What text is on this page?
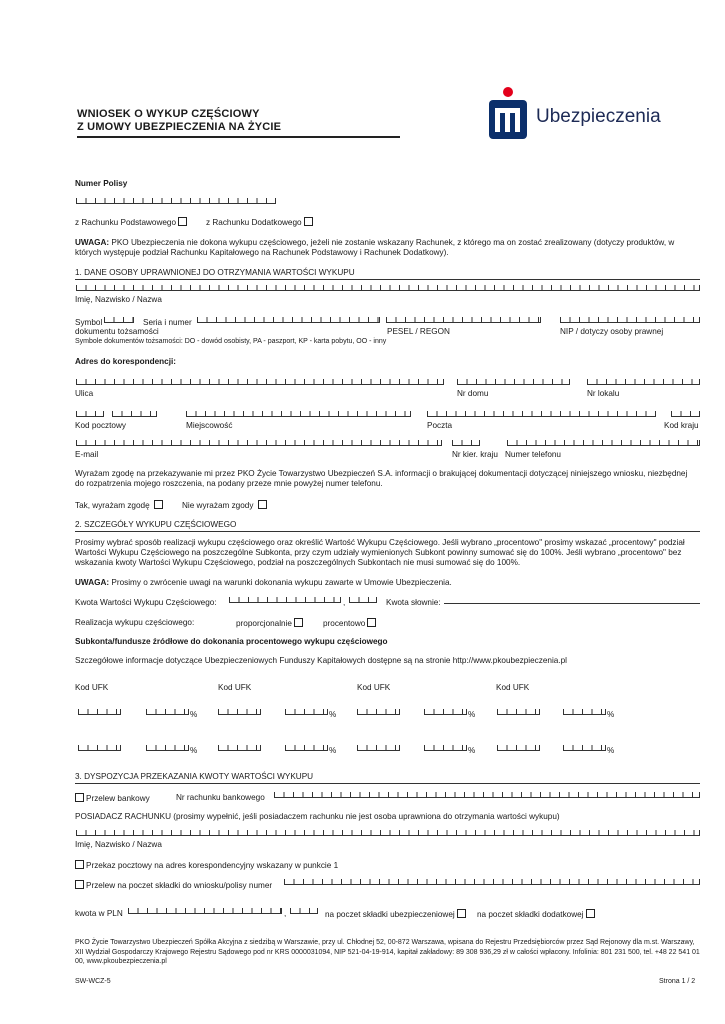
WNIOSEK O WYKUP CZĘŚCIOWY
Z UMOWY UBEZPIECZENIA NA ŻYCIE	Ubezpieczenia
Numer Polisy
z Rachunku Podstawowego	z Rachunku Dodatkowego
UWAGA: PKO Ubezpieczenia nie dokona wykupu częściowego, jeżeli nie zostanie wskazany Rachunek, z którego ma on zostać zrealizowany (dotyczy produktów, w których występuje podział Rachunku Kapitałowego na Rachunek Podstawowy i Rachunek Dodatkowy).
1. DANE OSOBY UPRAWNIONEJ DO OTRZYMANIA WARTOŚCI WYKUPU
Imię, Nazwisko / Nazwa
Symbol	Seria i numer
dokumentu tożsamości	PESEL / REGON	NIP / dotyczy osoby prawnej
Symbole dokumentów tożsamości: DO - dowód osobisty, PA - paszport, KP - karta pobytu, OO - inny
Adres do korespondencji:
Ulica	Nr domu	Nr lokalu
Kod pocztowy	Miejscowość	Poczta	Kod kraju
E-mail	Nr kier. kraju Numer telefonu
Wyrażam zgodę na przekazywanie mi przez PKO Życie Towarzystwo Ubezpieczeń S.A. informacji o brakującej dokumentacji dotyczącej niniejszego wniosku, niezbędnej do rozpatrzenia mojego roszczenia, na podany przeze mnie powyżej numer telefonu.
Tak, wyrażam zgodę	Nie wyrażam zgody
2. SZCZEGÓŁY WYKUPU CZĘŚCIOWEGO
Prosimy wybrać sposób realizacji wykupu częściowego oraz określić Wartość Wykupu Częściowego. Jeśli wybrano „procentowo" prosimy wskazać „procentowy" podział Wartości Wykupu Częściowego na poszczególne Subkonta, przy czym udziały wymienionych Subkont powinny sumować się do 100%. Jeśli wybrano „procentowo" bez wskazania kwoty Wartości Wykupu Częściowego, podział na poszczególnych Subkontach nie musi sumować się do 100%.
UWAGA: Prosimy o zwrócenie uwagi na warunki dokonania wykupu zawarte w Umowie Ubezpieczenia.
Kwota Wartości Wykupu Częściowego:	,	Kwota słownie:
Realizacja wykupu częściowego:	proporcjonalnie	procentowo
Subkonta/fundusze źródłowe do dokonania procentowego wykupu częściowego
Szczegółowe informacje dotyczące Ubezpieczeniowych Funduszy Kapitałowych dostępne są na stronie http://www.pkoubezpieczenia.pl
Kod UFK	Kod UFK	Kod UFK	Kod UFK
%	%	%	%
%	%	%	%
3. DYSPOZYCJA PRZEKAZANIA KWOTY WARTOŚCI WYKUPU
Przelew bankowy	Nr rachunku bankowego
POSIADACZ RACHUNKU (prosimy wypełnić, jeśli posiadaczem rachunku nie jest osoba uprawniona do otrzymania wartości wykupu)
Imię, Nazwisko / Nazwa
Przekaz pocztowy na adres korespondencyjny wskazany w punkcie 1
Przelew na poczet składki do wniosku/polisy numer
kwota w PLN	,	na poczet składki ubezpieczeniowej	na poczet składki dodatkowej
PKO Życie Towarzystwo Ubezpieczeń Spółka Akcyjna z siedzibą w Warszawie, przy ul. Chłodnej 52, 00-872 Warszawa, wpisana do Rejestru Przedsiębiorców przez Sąd Rejonowy dla m.st. Warszawy, XII Wydział Gospodarczy Krajowego Rejestru Sądowego pod nr KRS 0000031094, NIP 521-04-19-914, kapitał zakładowy: 89 308 936,29 zł w całości wpłacony. Infolinia: 801 231 500, tel. +48 22 541 01 00, www.pkoubezpieczenia.pl
SW-WCZ-5	Strona 1 / 2
